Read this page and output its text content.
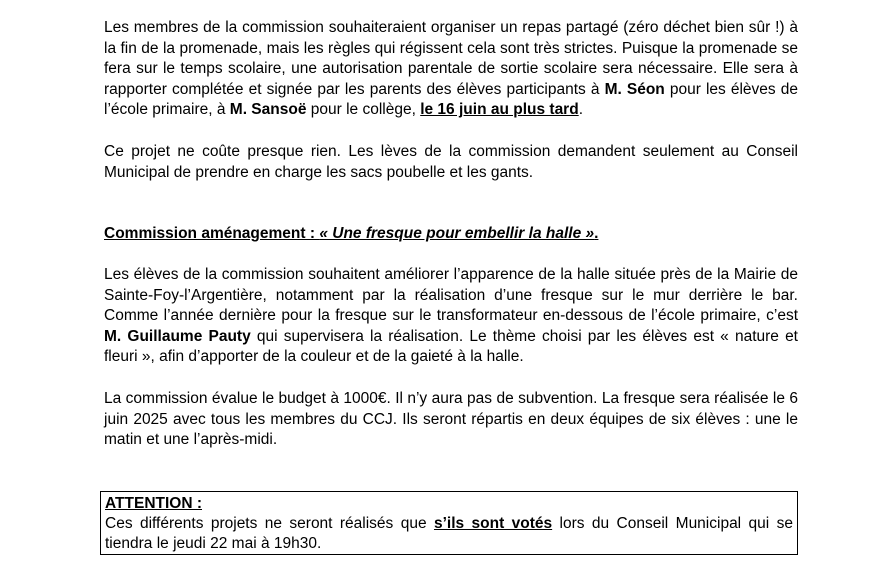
Les membres de la commission souhaiteraient organiser un repas partagé (zéro déchet bien sûr !) à la fin de la promenade, mais les règles qui régissent cela sont très strictes. Puisque la promenade se fera sur le temps scolaire, une autorisation parentale de sortie scolaire sera nécessaire. Elle sera à rapporter complétée et signée par les parents des élèves participants à M. Séon pour les élèves de l’école primaire, à M. Sansoë pour le collège, le 16 juin au plus tard.

Ce projet ne coûte presque rien. Les lèves de la commission demandent seulement au Conseil Municipal de prendre en charge les sacs poubelle et les gants.

Commission aménagement : « Une fresque pour embellir la halle ».

Les élèves de la commission souhaitent améliorer l’apparence de la halle située près de la Mairie de Sainte-Foy-l’Argentière, notamment par la réalisation d’une fresque sur le mur derrière le bar. Comme l’année dernière pour la fresque sur le transformateur en-dessous de l’école primaire, c’est M. Guillaume Pauty qui supervisera la réalisation. Le thème choisi par les élèves est « nature et fleuri », afin d’apporter de la couleur et de la gaieté à la halle.

La commission évalue le budget à 1000€. Il n’y aura pas de subvention. La fresque sera réalisée le 6 juin 2025 avec tous les membres du CCJ. Ils seront répartis en deux équipes de six élèves : une le matin et une l’après-midi.

ATTENTION :

Ces différents projets ne seront réalisés que s’ils sont votés lors du Conseil Municipal qui se tiendra le jeudi 22 mai à 19h30.
